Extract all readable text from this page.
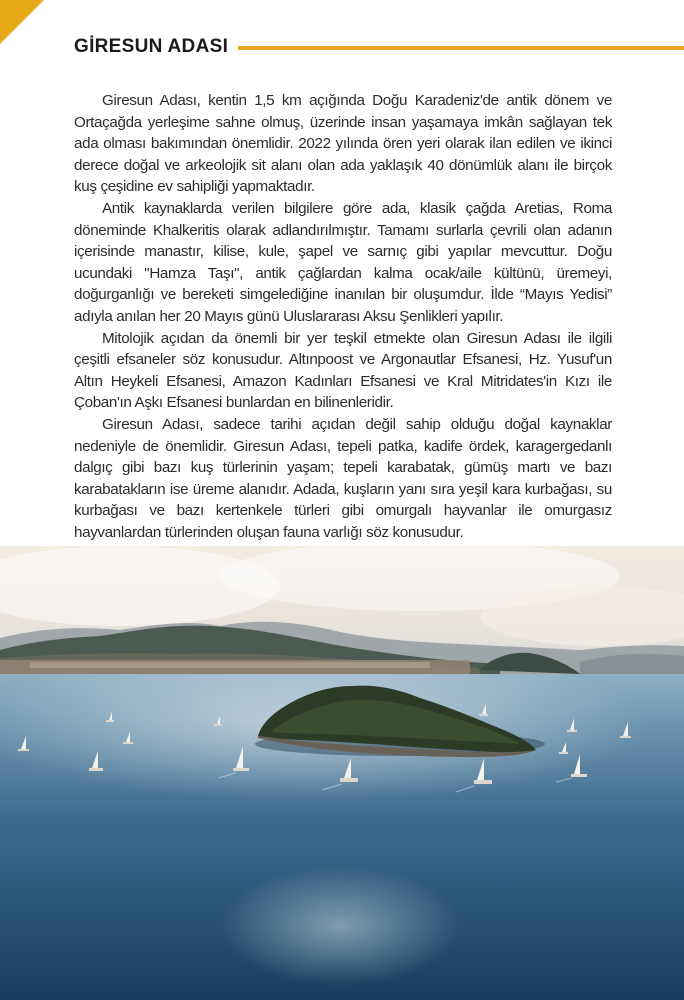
GİRESUN ADASI

Giresun Adası, kentin 1,5 km açığında Doğu Karadeniz'de antik dönem ve Ortaçağda yerleşime sahne olmuş, üzerinde insan yaşamaya imkân sağlayan tek ada olması bakımından önemlidir. 2022 yılında ören yeri olarak ilan edilen ve ikinci derece doğal ve arkeolojik sit alanı olan ada yaklaşık 40 dönümlük alanı ile birçok kuş çeşidine ev sahipliği yapmaktadır.

Antik kaynaklarda verilen bilgilere göre ada, klasik çağda Aretias, Roma döneminde Khalkeritis olarak adlandırılmıştır. Tamamı surlarla çevrili olan adanın içerisinde manastır, kilise, kule, şapel ve sarnıç gibi yapılar mevcuttur. Doğu ucundaki "Hamza Taşı", antik çağlardan kalma ocak/aile kültünü, üremeyi, doğurganlığı ve bereketi simgelediğine inanılan bir oluşumdur. İlde “Mayıs Yedisi” adıyla anılan her 20 Mayıs günü Uluslararası Aksu Şenlikleri yapılır.

Mitolojik açıdan da önemli bir yer teşkil etmekte olan Giresun Adası ile ilgili çeşitli efsaneler söz konusudur. Altınpoost ve Argonautlar Efsanesi, Hz. Yusuf'un Altın Heykeli Efsanesi, Amazon Kadınları Efsanesi ve Kral Mitridates'in Kızı ile Çoban'ın Aşkı Efsanesi bunlardan en bilinenleridir.

Giresun Adası, sadece tarihi açıdan değil sahip olduğu doğal kaynaklar nedeniyle de önemlidir. Giresun Adası, tepeli patka, kadife ördek, karagergedanlı dalgıç gibi bazı kuş türlerinin yaşam; tepeli karabatak, gümüş martı ve bazı karabatakların ise üreme alanıdır. Adada, kuşların yanı sıra yeşil kara kurbağası, su kurbağası ve bazı kertenkele türleri gibi omurgalı hayvanlar ile omurgasız hayvanlardan türlerinden oluşan fauna varlığı söz konusudur.
